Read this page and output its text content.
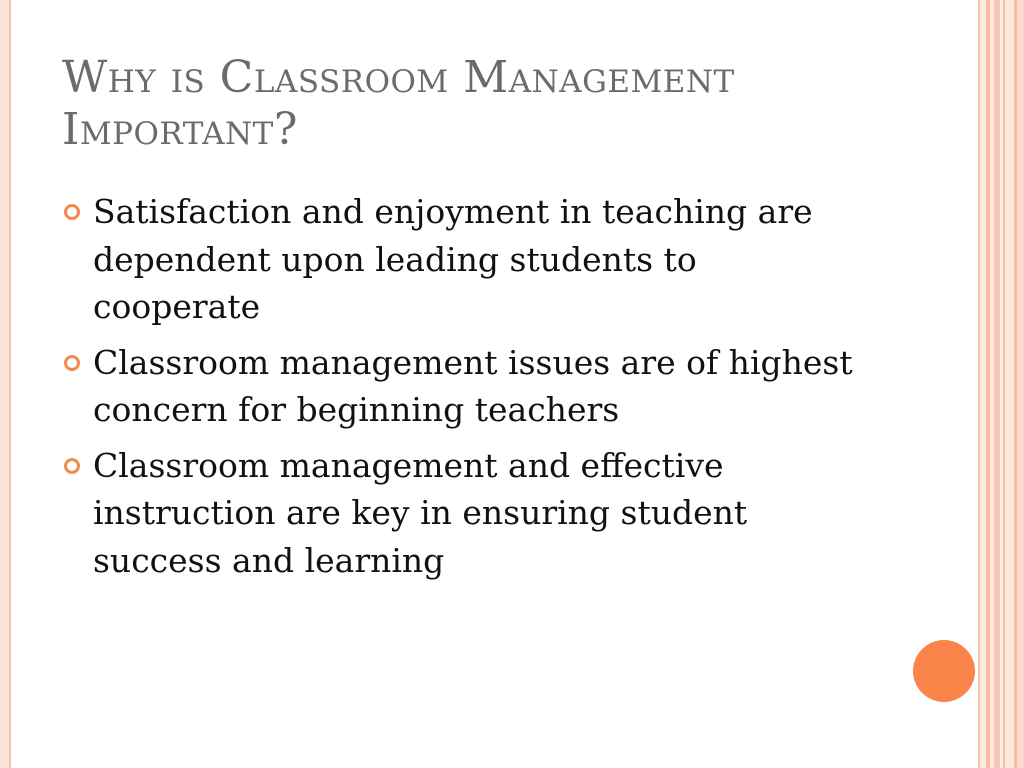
Why is Classroom Management Important?
Satisfaction and enjoyment in teaching are dependent upon leading students to cooperate
Classroom management issues are of highest concern for beginning teachers
Classroom management and effective instruction are key in ensuring student success and learning
